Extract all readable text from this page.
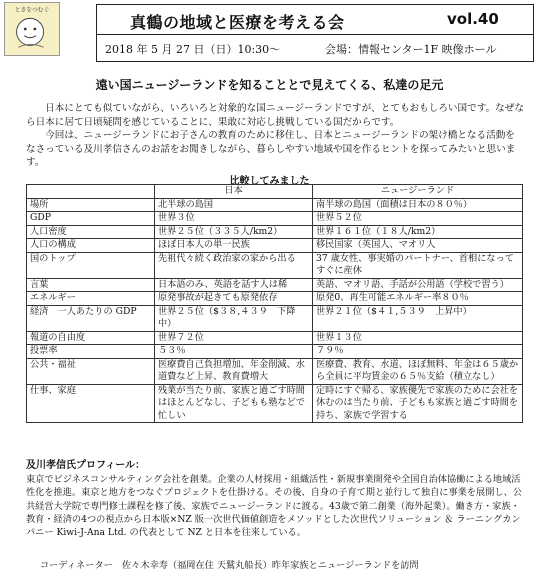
ときをつむぐ
真鶴の地域と医療を考える会	vol.40
2018 年 5 月 27 日（日）10:30〜	会場：情報センター1F 映像ホール
遠い国ニュージーランドを知ることとで見えてくる、私達の足元

日本にとても似ていながら、いろいろと対象的な国ニュージーランドですが、とてもおもしろい国です。なぜなら日本に居て日頃疑問を感じていることに、果敢に対応し挑戦している国だからです。

今回は、ニュージーランドにお子さんの教育のために移住し、日本とニュージーランドの架け橋となる活動をなさっている及川孝信さんのお話をお聞きしながら、暮らしやすい地域や国を作るヒントを探ってみたいと思います。

比較してみました
	日本	ニュージーランド
場所	北半球の島国	南半球の島国（面積は日本の８０％）
GDP	世界３位	世界５２位
人口密度	世界２５位（３３５人/km2）	世界１６１位（１８人/km2）
人口の構成	ほぼ日本人の単一民族	移民国家（英国人、マオリ人
国のトップ	先祖代々続く政治家の家から出る	37 歳女性、事実婚のパートナー、首相になってすぐに産休
言葉	日本語のみ、英語を話す人は稀	英語、マオリ語、手話が公用語（学校で習う）
エネルギー	原発事故が起きても原発依存	原発0、再生可能エネルギー率８０％
経済　一人あたりの GDP	世界２５位（$３８,４３９　下降中）	世界２１位（$４１,５３９　上昇中）
報道の自由度	世界７２位	世界１３位
投票率	５３％	７９％
公共・福祉	医療費自己負担増加、年金削減、水道費など上昇、教育費増大	医療費、教育、水道、ほぼ無料、年金は６５歳から全員に平均賃金の６５％支給（積立なし）
仕事、家庭	残業が当たり前、家族と過ごす時間はほとんどなし、子どもも塾などで忙しい	定時にすぐ帰る、家族優先で家族のために会社を休むのは当たり前、子どもも家族と過ごす時間を持ち、家族で学習する
及川孝信氏プロフィール：
東京でビジネスコンサルティング会社を創業。企業の人材採用・組織活性・新規事業開発や全国自治体協働による地域活性化を推進。東京と地方をつなぐプロジェクトを仕掛ける。その後、自身の子育て期と並行して独自に事業を展開し、公共経営大学院で専門修士課程を修了後、家族でニュージーランドに渡る。43歳で第二創業（海外起業）。働き方・家族・教育・経済の4つの視点から日本版×NZ 版一次世代価値創造をメソッドとした次世代ソリューション ＆ ラーニングカンパニー Kiwi-J-Ana Ltd. の代表として NZ と日本を往来している。
コーディネーター　佐々木幸寿（福岡在住 天鷲丸船長）昨年家族とニュージーランドを訪問
